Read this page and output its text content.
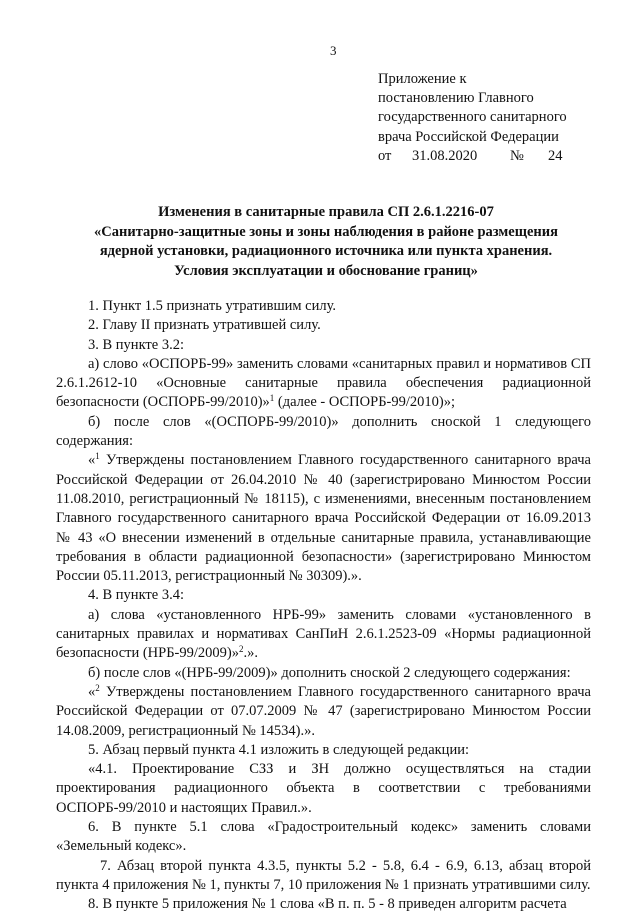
3
Приложение к
постановлению Главного
государственного санитарного
врача Российской Федерации
от 31.08.2020 № 24
Изменения в санитарные правила СП 2.6.1.2216-07
«Санитарно-защитные зоны и зоны наблюдения в районе размещения
ядерной установки, радиационного источника или пункта хранения.
Условия эксплуатации и обоснование границ»

1. Пункт 1.5 признать утратившим силу.

2. Главу II признать утратившей силу.

3. В пункте 3.2:

а) слово «ОСПОРБ-99» заменить словами «санитарных правил и нормативов СП 2.6.1.2612-10 «Основные санитарные правила обеспечения радиационной безопасности (ОСПОРБ-99/2010)»$^1$ (далее - ОСПОРБ-99/2010)»;

б) после слов «(ОСПОРБ-99/2010)» дополнить сноской 1 следующего содержания:

«$^1$ Утверждены постановлением Главного государственного санитарного врача Российской Федерации от 26.04.2010 № 40 (зарегистрировано Минюстом России 11.08.2010, регистрационный № 18115), с изменениями, внесенным постановлением Главного государственного санитарного врача Российской Федерации от 16.09.2013 № 43 «О внесении изменений в отдельные санитарные правила, устанавливающие требования в области радиационной безопасности» (зарегистрировано Минюстом России 05.11.2013, регистрационный № 30309).».

4. В пункте 3.4:

а) слова «установленного НРБ-99» заменить словами «установленного в санитарных правилах и нормативах СанПиН 2.6.1.2523-09 «Нормы радиационной безопасности (НРБ-99/2009)»$^2$.».

б) после слов «(НРБ-99/2009)» дополнить сноской 2 следующего содержания:

«$^2$ Утверждены постановлением Главного государственного санитарного врача Российской Федерации от 07.07.2009 № 47 (зарегистрировано Минюстом России 14.08.2009, регистрационный № 14534).».

5. Абзац первый пункта 4.1 изложить в следующей редакции:

«4.1. Проектирование СЗЗ и ЗН должно осуществляться на стадии проектирования радиационного объекта в соответствии с требованиями ОСПОРБ-99/2010 и настоящих Правил.».

6. В пункте 5.1 слова «Градостроительный кодекс» заменить словами «Земельный кодекс».

7. Абзац второй пункта 4.3.5, пункты 5.2 - 5.8, 6.4 - 6.9, 6.13, абзац второй пункта 4 приложения № 1, пункты 7, 10 приложения № 1 признать утратившими силу.

8. В пункте 5 приложения № 1 слова «В п. п. 5 - 8 приведен алгоритм расчета
